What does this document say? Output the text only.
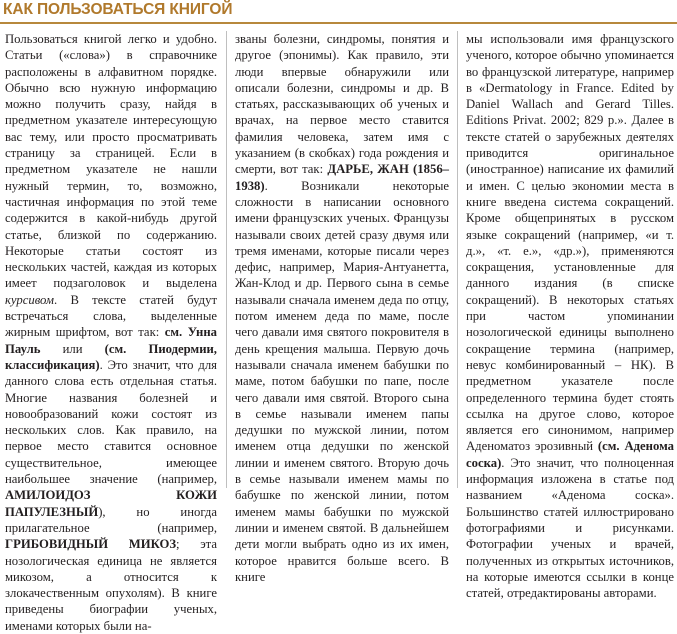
КАК ПОЛЬЗОВАТЬСЯ КНИГОЙ

Пользоваться книгой легко и удобно. Статьи («слова») в справочнике расположены в алфавитном порядке. Обычно всю нужную информацию можно получить сразу, найдя в предметном указателе интересующую вас тему, или просто просматривать страницу за страницей. Если в предметном указателе не нашли нужный термин, то, возможно, частичная информация по этой теме содержится в какой-нибудь другой статье, близкой по содержанию. Некоторые статьи состоят из нескольких частей, каждая из которых имеет подзаголовок и выделена курсивом. В тексте статей будут встречаться слова, выделенные жирным шрифтом, вот так: см. Унна Пауль или (см. Пиодермии, классификация). Это значит, что для данного слова есть отдельная статья. Многие названия болезней и новообразований кожи состоят из нескольких слов. Как правило, на первое место ставится основное существительное, имеющее наибольшее значение (например, АМИЛОИДОЗ КОЖИ ПАПУЛЕЗНЫЙ), но иногда прилагательное (например, ГРИБОВИДНЫЙ МИКОЗ; эта нозологическая единица не является микозом, а относится к злокачественным опухолям). В книге приведены биографии ученых, именами которых были на-

званы болезни, синдромы, понятия и другое (эпонимы). Как правило, эти люди впервые обнаружили или описали болезни, синдромы и др. В статьях, рассказывающих об ученых и врачах, на первое место ставится фамилия человека, затем имя с указанием (в скобках) года рождения и смерти, вот так: ДАРЬЕ, ЖАН (1856–1938). Возникали некоторые сложности в написании основного имени французских ученых. Французы называли своих детей сразу двумя или тремя именами, которые писали через дефис, например, Мария-Антуанетта, Жан-Клод и др. Первого сына в семье называли сначала именем деда по отцу, потом именем деда по маме, после чего давали имя святого покровителя в день крещения малыша. Первую дочь называли сначала именем бабушки по маме, потом бабушки по папе, после чего давали имя святой. Второго сына в семье называли именем папы дедушки по мужской линии, потом именем отца дедушки по женской линии и именем святого. Вторую дочь в семье называли именем мамы по бабушке по женской линии, потом именем мамы бабушки по мужской линии и именем святой. В дальнейшем дети могли выбрать одно из их имен, которое нравится больше всего. В книге

мы использовали имя французского ученого, которое обычно упоминается во французской литературе, например в «Dermatology in France. Edited by Daniel Wallach and Gerard Tilles. Editions Privat. 2002; 829 p.». Далее в тексте статей о зарубежных деятелях приводится оригинальное (иностранное) написание их фамилий и имен. С целью экономии места в книге введена система сокращений. Кроме общепринятых в русском языке сокращений (например, «и т. д.», «т. е.», «др.»), применяются сокращения, установленные для данного издания (в списке сокращений). В некоторых статьях при частом упоминании нозологической единицы выполнено сокращение термина (например, невус комбинированный – НК). В предметном указателе после определенного термина будет стоять ссылка на другое слово, которое является его синонимом, например Аденоматоз эрозивный (см. Аденома соска). Это значит, что полноценная информация изложена в статье под названием «Аденома соска». Большинство статей иллюстрировано фотографиями и рисунками. Фотографии ученых и врачей, полученных из открытых источников, на которые имеются ссылки в конце статей, отредактированы авторами.
